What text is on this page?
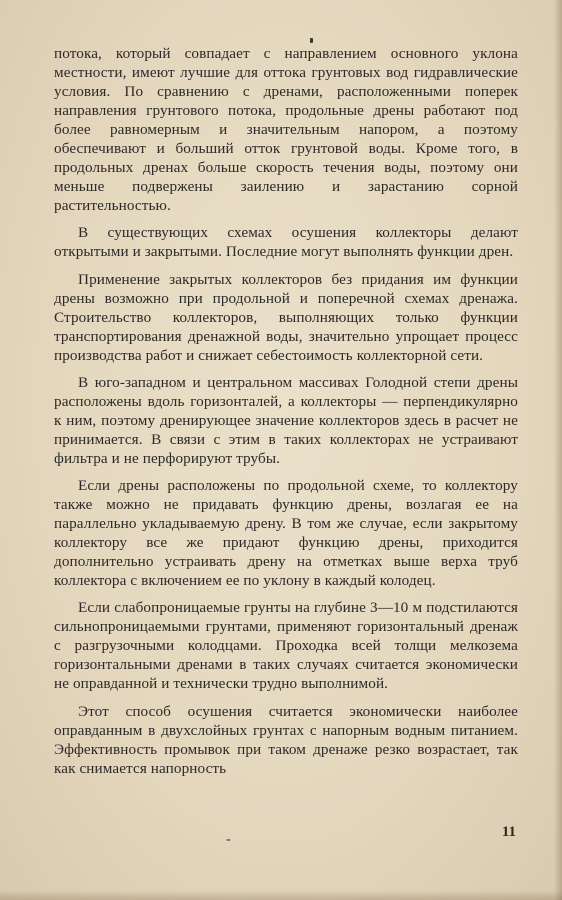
потока, который совпадает с направлением основного уклона местности, имеют лучшие для оттока грунтовых вод гидравлические условия. По сравнению с дренами, расположенными поперек направления грунтового потока, продольные дрены работают под более равномерным и значительным напором, а поэтому обеспечивают и больший отток грунтовой воды. Кроме того, в продольных дренах больше скорость течения воды, поэтому они меньше подвержены заилению и зарастанию сорной растительностью.

В существующих схемах осушения коллекторы делают открытыми и закрытыми. Последние могут выполнять функции дрен.

Применение закрытых коллекторов без придания им функции дрены возможно при продольной и поперечной схемах дренажа. Строительство коллекторов, выполняющих только функции транспортирования дренажной воды, значительно упрощает процесс производства работ и снижает себестоимость коллекторной сети.

В юго-западном и центральном массивах Голодной степи дрены расположены вдоль горизонталей, а коллекторы — перпендикулярно к ним, поэтому дренирующее значение коллекторов здесь в расчет не принимается. В связи с этим в таких коллекторах не устраивают фильтра и не перфорируют трубы.

Если дрены расположены по продольной схеме, то коллектору также можно не придавать функцию дрены, возлагая ее на параллельно укладываемую дрену. В том же случае, если закрытому коллектору все же придают функцию дрены, приходится дополнительно устраивать дрену на отметках выше верха труб коллектора с включением ее по уклону в каждый колодец.

Если слабопроницаемые грунты на глубине 3—10 м подстилаются сильнопроницаемыми грунтами, применяют горизонтальный дренаж с разгрузочными колодцами. Проходка всей толщи мелкозема горизонтальными дренами в таких случаях считается экономически не оправданной и технически трудно выполнимой.

Этот способ осушения считается экономически наиболее оправданным в двухслойных грунтах с напорным водным питанием. Эффективность промывок при таком дренаже резко возрастает, так как снимается напорность

-	11
